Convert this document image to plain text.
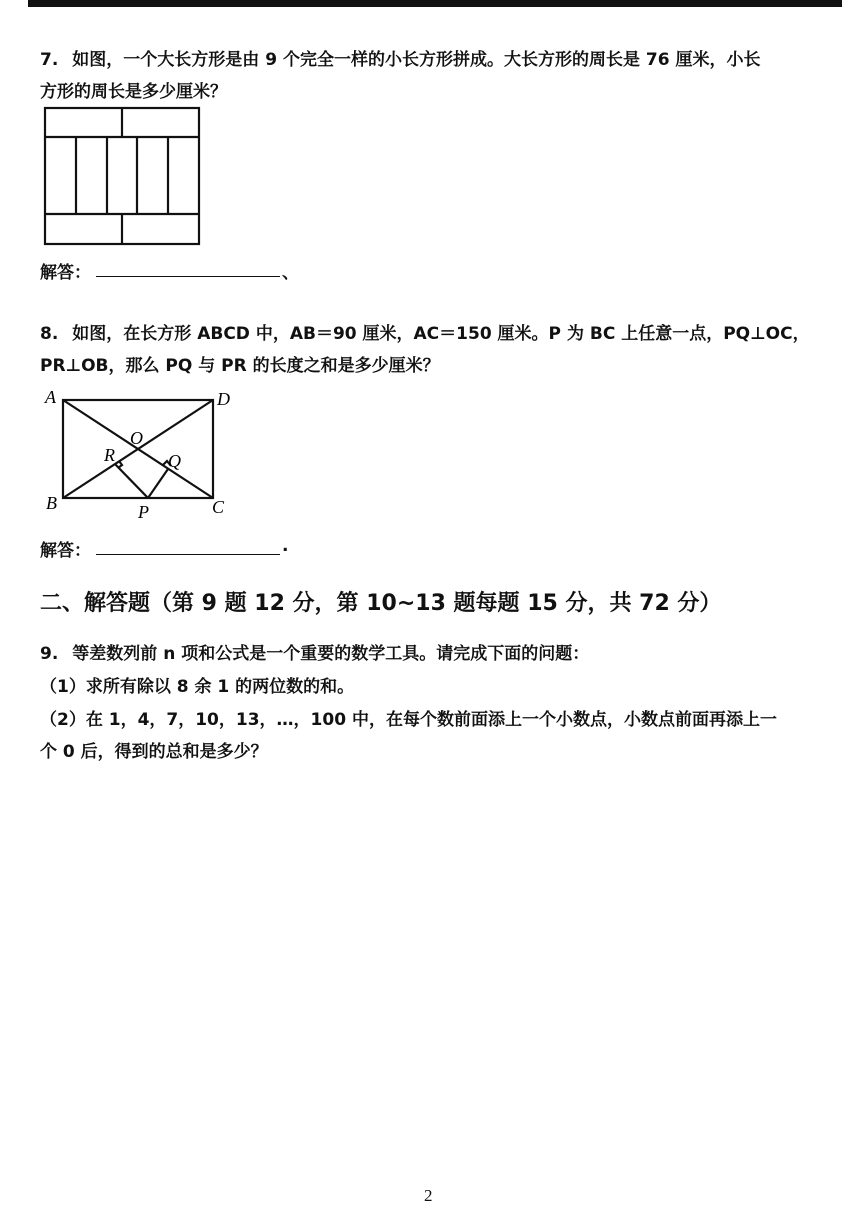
7. 如图，一个大长方形是由 9 个完全一样的小长方形拼成。大长方形的周长是 76 厘米，小长
方形的周长是多少厘米？
解答：	、
8. 如图，在长方形 ABCD 中，AB＝90 厘米，AC＝150 厘米。P 为 BC 上任意一点，PQ⊥OC，
PR⊥OB，那么 PQ 与 PR 的长度之和是多少厘米？
A	D
B	C
O
R	Q
P
解答：	.
二、解答题（第 9 题 12 分，第 10~13 题每题 15 分，共 72 分）
9. 等差数列前 n 项和公式是一个重要的数学工具。请完成下面的问题：
（1）求所有除以 8 余 1 的两位数的和。
（2）在 1，4，7，10，13，…，100 中，在每个数前面添上一个小数点，小数点前面再添上一
个 0 后，得到的总和是多少？
2
